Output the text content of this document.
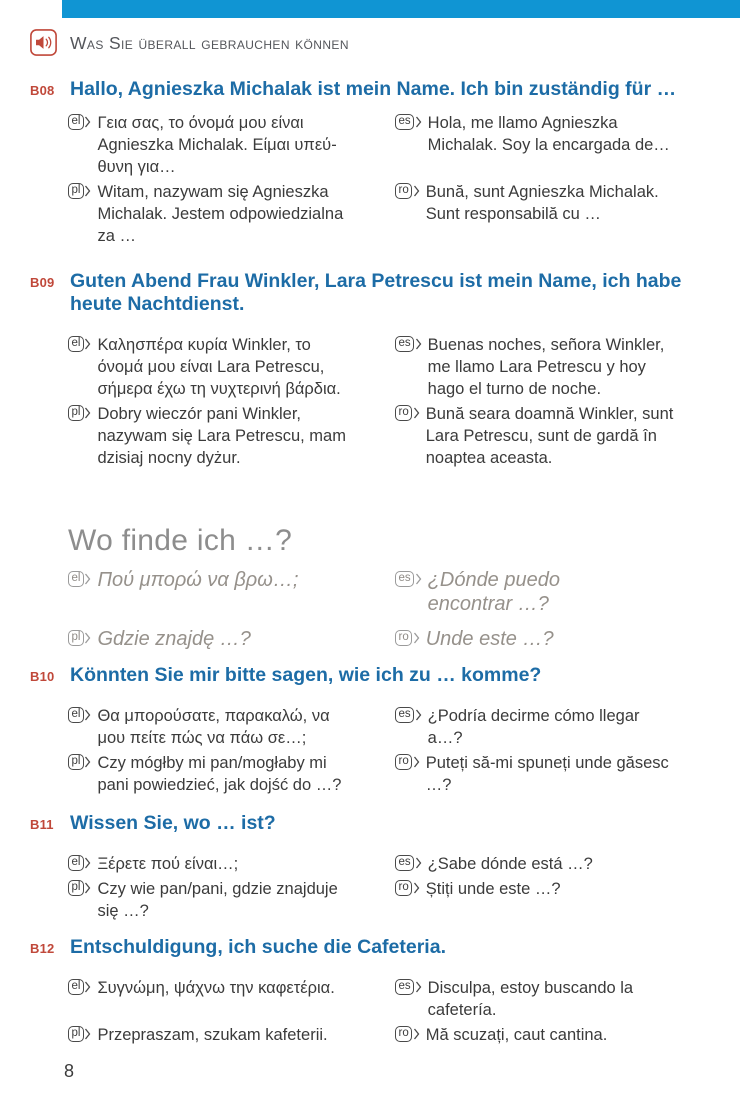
Was Sie überall gebrauchen können
B08 Hallo, Agnieszka Michalak ist mein Name. Ich bin zuständig für …
el Γεια σας, το όνομά μου είναι Agnieszka Michalak. Είμαι υπεύθυνη για…

es Hola, me llamo Agnieszka Michalak. Soy la encargada de…

pl Witam, nazywam się Agnieszka Michalak. Jestem odpowiedzialna za …

ro Bună, sunt Agnieszka Michalak. Sunt responsabilă cu …

B09 Guten Abend Frau Winkler, Lara Petrescu ist mein Name, ich habe heute Nachtdienst.
el Καλησπέρα κυρία Winkler, το όνομά μου είναι Lara Petrescu, σήμερα έχω τη νυχτερινή βάρδια.

es Buenas noches, señora Winkler, me llamo Lara Petrescu y hoy hago el turno de noche.

pl Dobry wieczór pani Winkler, nazywam się Lara Petrescu, mam dzisiaj nocny dyżur.

ro Bună seara doamnă Winkler, sunt Lara Petrescu, sunt de gardă în noaptea aceasta.

Wo finde ich …?
el Πού μπορώ να βρω…;	es ¿Dónde puedo encontrar …?

pl Gdzie znajdę …?	ro Unde este …?

B10 Könnten Sie mir bitte sagen, wie ich zu … komme?
el Θα μπορούσατε, παρακαλώ, να μου πείτε πώς να πάω σε…;

es ¿Podría decirme cómo llegar a…?

pl Czy mógłby mi pan/mogłaby mi pani powiedzieć, jak dojść do …?

ro Puteți să-mi spuneți unde găsesc …?

B11 Wissen Sie, wo … ist?
el Ξέρετε πού είναι…;	es ¿Sabe dónde está …?

pl Czy wie pan/pani, gdzie znajduje się …?

ro Știți unde este …?

B12 Entschuldigung, ich suche die Cafeteria.
el Συγνώμη, ψάχνω την καφετέρια.	es Disculpa, estoy buscando la cafetería.

pl Przepraszam, szukam kafeterii.	ro Mă scuzați, caut cantina.

8
